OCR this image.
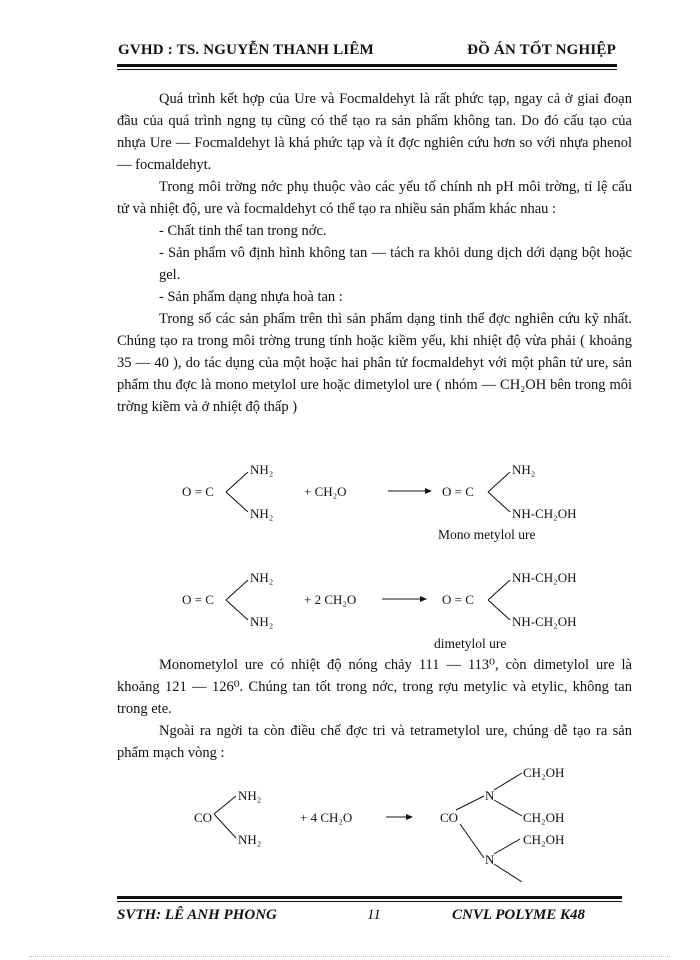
GVHD : TS. NGUYỄN THANH LIÊM	ĐỒ ÁN TỐT NGHIỆP

Quá trình kết hợp của Ure và Focmaldehyt là rất phức tạp, ngay cả ở giai đoạn đầu của quá trình ngng tụ cũng có thể tạo ra sản phẩm không tan. Do đó cấu tạo của nhựa Ure — Focmaldehyt là khá phức tạp và ít đợc nghiên cứu hơn so với nhựa phenol — focmaldehyt.

Trong môi trờng nớc phụ thuộc vào các yếu tố chính nh pH môi trờng, tỉ lệ cấu tử và nhiệt độ, ure và focmaldehyt có thể tạo ra nhiều sản phẩm khác nhau :

- Chất tinh thể tan trong nớc.

- Sản phẩm vô định hình không tan — tách ra khỏi dung dịch dới dạng bột hoặc gel.

- Sản phẩm dạng nhựa hoà tan :

Trong số các sản phẩm trên thì sản phẩm dạng tinh thể đợc nghiên cứu kỹ nhất. Chúng tạo ra trong môi trờng trung tính hoặc kiềm yếu, khi nhiệt độ vừa phải ( khoảng 35 — 40 ), do tác dụng của một hoặc hai phân tử focmaldehyt với một phân tử ure, sản phẩm thu đợc là mono metylol ure hoặc dimetylol ure ( nhóm — CH₂OH bên trong môi trờng kiềm và ở nhiệt độ thấp )

O = C
NH₂
NH₂
+ CH₂O	O = C
NH₂
NH-CH₂OH
Mono metylol ure
O = C
NH₂
NH₂
+ 2 CH₂O	O = C
NH-CH₂OH
NH-CH₂OH
dimetylol ure

Monometylol ure có nhiệt độ nóng chảy 111 — 113⁰, còn dimetylol ure là khoảng 121 — 126⁰. Chúng tan tốt trong nớc, trong rợu metylic và etylic, không tan trong ete.

Ngoài ra ngời ta còn điều chế đợc tri và tetrametylol ure, chúng dễ tạo ra sản phẩm mạch vòng :

CO
NH₂
NH₂
+ 4 CH₂O	CO
N
N
CH₂OH
CH₂OH
CH₂OH
SVTH: LÊ ANH PHONG	11	CNVL POLYME K48
